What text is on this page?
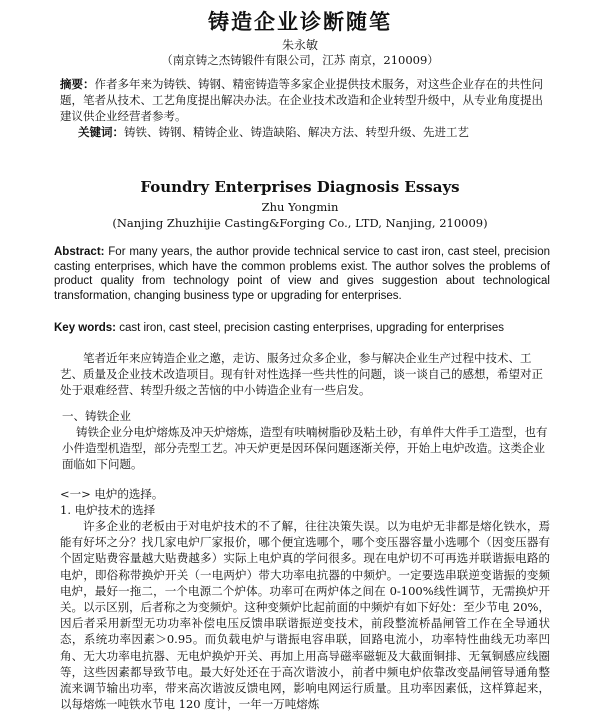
铸造企业诊断随笔
朱永敏
（南京铸之杰铸锻件有限公司，江苏 南京，210009）
摘要：作者多年来为铸铁、铸钢、精密铸造等多家企业提供技术服务，对这些企业存在的共性问题，笔者从技术、工艺角度提出解决办法。在企业技术改造和企业转型升级中，从专业角度提出建议供企业经营者参考。
关键词：铸铁、铸钢、精铸企业、铸造缺陷、解决方法、转型升级、先进工艺
Foundry Enterprises Diagnosis Essays
Zhu Yongmin
(Nanjing Zhuzhijie Casting&Forging Co., LTD, Nanjing, 210009)
Abstract: For many years, the author provide technical service to cast iron, cast steel, precision casting enterprises, which have the common problems exist. The author solves the problems of product quality from technology point of view and gives suggestion about technological transformation, changing business type or upgrading for enterprises.
Key words: cast iron, cast steel, precision casting enterprises, upgrading for enterprises
笔者近年来应铸造企业之邀，走访、服务过众多企业，参与解决企业生产过程中技术、工艺、质量及企业技术改造项目。现有针对性选择一些共性的问题，谈一谈自己的感想，希望对正处于艰难经营、转型升级之苦恼的中小铸造企业有一些启发。
一、铸铁企业
铸铁企业分电炉熔炼及冲天炉熔炼，造型有呋喃树脂砂及粘土砂，有单件大件手工造型，也有小件造型机造型，部分壳型工艺。冲天炉更是因环保问题逐渐关停，开始上电炉改造。这类企业面临如下问题。
<一> 电炉的选择。
1. 电炉技术的选择
许多企业的老板由于对电炉技术的不了解，往往决策失误。以为电炉无非都是熔化铁水，焉能有好坏之分？找几家电炉厂家报价，哪个便宜选哪个，哪个变压器容量小选哪个（因变压器有个固定贴费容量越大贴费越多）实际上电炉真的学问很多。现在电炉切不可再选并联谐振电路的电炉，即俗称带换炉开关（一电两炉）带大功率电抗器的中频炉。一定要选串联逆变谐振的变频电炉，最好一拖二，一个电源二个炉体。功率可在两炉体之间在 0-100%线性调节，无需换炉开关。以示区别，后者称之为变频炉。这种变频炉比起前面的中频炉有如下好处：至少节电 20%，因后者采用新型无功功率补偿电压反馈串联谐振逆变技术，前段整流桥晶闸管工作在全导通状态，系统功率因素＞0.95。而负载电炉与谐振电容串联，回路电流小，功率特性曲线无功率凹角、无大功率电抗器、无电炉换炉开关、再加上用高导磁率磁轭及大截面铜排、无氧铜感应线圈等，这些因素都导致节电。最大好处还在于高次谐波小，前者中频电炉依靠改变晶闸管导通角整流来调节输出功率，带来高次谐波反馈电网，影响电网运行质量。且功率因素低，这样算起来，以每熔炼一吨铁水节电 120 度计，一年一万吨熔炼
